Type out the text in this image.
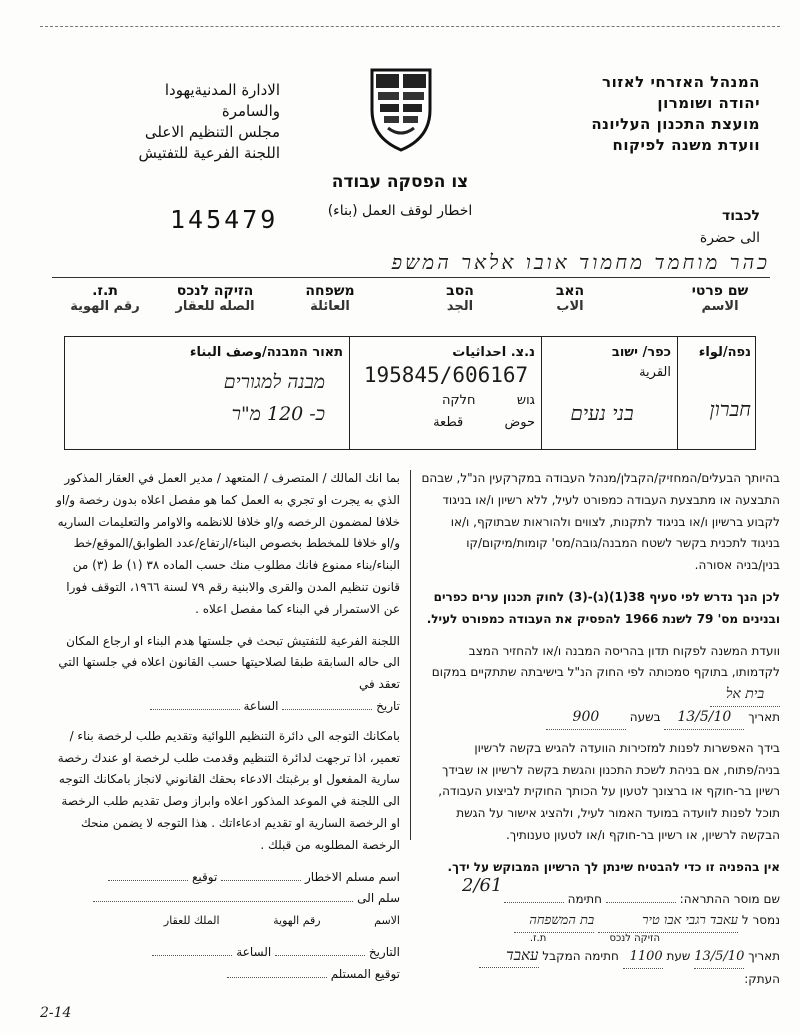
המנהל האזרחי לאזור
יהודה ושומרון
מועצת התכנון העליונה
וועדת משנה לפיקוח
الادارة المدنيةيهودا
والسامرة
مجلس التنظيم الاعلى
اللجنة الفرعية للتفتيش
צו הפסקה עבודה
اخطار لوقف العمل (بناء)
145479	לכבוד
الى حضرة
כהר מוחמד מחמוד אובו אלאר המשפ
שם פרטי
الاسم
האב
الاب
הסב
الجد
משפחה
العائلة
הזיקה לנכס
الصله للعقار
ת.ז.
رقم الهوية
נפה/لواء
חברון
כפר/ ישוב
القرية
בני נעים
נ.צ. احداثيات
195845/606167
גוש          חלקה
حوض          قطعة
תאור המבנה/وصف البناء
מבנה למגורים
כ- 120 מ"ר

בהיותך הבעלים/המחזיק/הקבלן/מנהל העבודה במקרקעין הנ"ל, שבהם התבצעה או מתבצעת העבודה כמפורט לעיל, ללא רשיון ו/או בניגוד לקבוע ברשיון ו/או בניגוד לתקנות, לצווים ולהוראות שבתוקף, ו/או בניגוד לתכנית בקשר לשטח המבנה/גובה/מס' קומות/מיקום/קו בנין/בניה אסורה.

לכן הנך נדרש לפי סעיף 38(1)(ג)-(3) לחוק תכנון ערים כפרים ובנינים מס' 79 לשנת 1966 להפסיק את העבודה כמפורט לעיל.

וועדת המשנה לפקוח תדון בהריסה המבנה ו/או להחזיר המצב לקדמותו, בתוקף סמכותה לפי החוק הנ"ל בישיבתה שתתקיים במקום בית אל

תאריך 13/5/10 בשעה 900

בידך האפשרות לפנות למזכירות הוועדה להגיש בקשה לרשיון בניה/פתוח, אם בניהת לשכת התכנון והגשת בקשה לרשיון או שבידך רשיון בר-חוקף או ברצונך לטעון על הכותך החוקית לביצוע העבודה, תוכל לפנות לוועדה במועד האמור לעיל, ולהציג אישור על הגשת הבקשה לרשיון, או רשיון בר-חוקף ו/או לטעון טענותיך.

אין בהפניה זו כדי להבטיח שינתן לך הרשיון המבוקש על ידך.

שם מוסר ההתראה:  חתימה
נמסר ל עאבד רגבי אבו טיר בת המשפחה
הזיקה לנכס ת.ז.
תאריך 13/5/10 שעת 1100 חתימה המקבל עאבד
העתק:

بما انك المالك / المتصرف / المتعهد / مدير العمل في العقار المذكور الذي به يجرت او تجري به العمل كما هو مفصل اعلاه بدون رخصة و/او خلافا لمضمون الرخصه و/او خلافا للانظمه والاوامر والتعليمات الساريه و/او خلافا للمخطط بخصوص البناء/ارتفاع/عدد الطوابق/الموقع/خط البناء/بناء ممنوع فانك مطلوب منك حسب الماده ٣٨ (١) ط (٣) من قانون تنظيم المدن والقرى والابنية رقم ٧٩ لسنة ١٩٦٦، التوقف فورا عن الاستمرار في البناء كما مفصل اعلاه .

اللجنة الفرعية للتفتيش تبحث في جلستها هدم البناء او ارجاع المكان الى حاله السابقة طبقا لصلاحيتها حسب القانون اعلاه في جلستها التي تعقد في

تاريخ  الساعة

بامكانك التوجه الى دائرة التنظيم اللوائية وتقديم طلب لرخصة بناء / تعمير، اذا ترجهت لدائرة التنظيم وقدمت طلب لرخصة او عندك رخصة سارية المفعول او برغبتك الادعاء بحقك القانوني لانجاز بامكانك التوجه الى اللجنة في الموعد المذكور اعلاه وابراز وصل تقديم طلب الرخصة او الرخصة السارية او تقديم ادعاءاتك . هذا التوجه لا يضمن منحك الرخصة المطلوبه من قبلك .

اسم مسلم الاخطار  توقيع
سلم الى
الاسم رقم الهوية الملك للعقار
التاريخ  الساعة
توقيع المستلم
2/61
2-14
